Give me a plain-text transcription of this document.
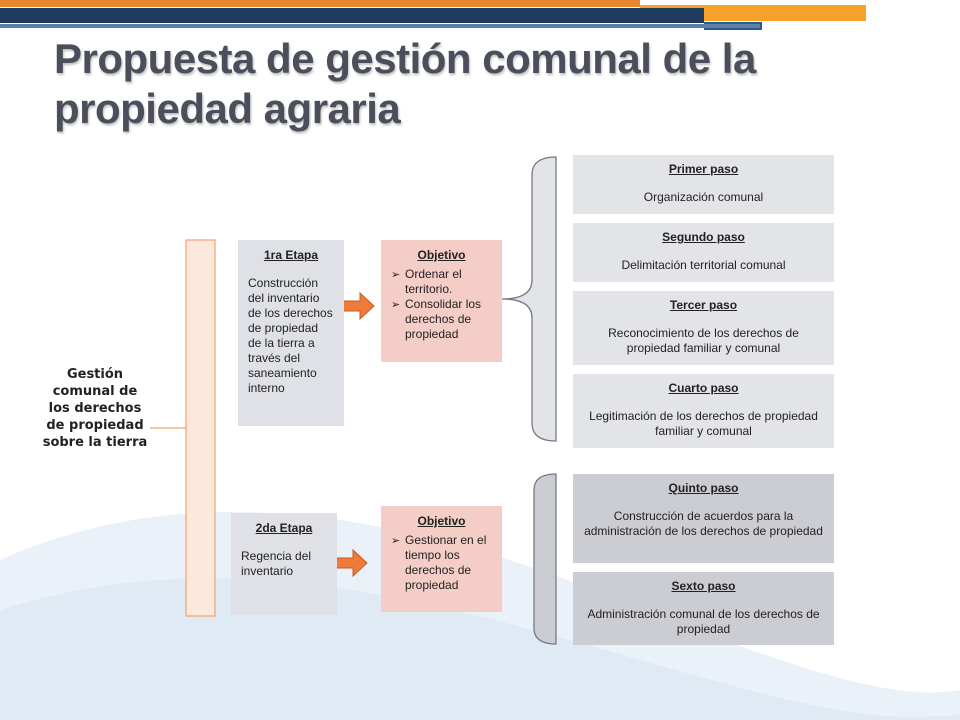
Propuesta de gestión comunal de la propiedad agraria
Gestión comunal de los derechos de propiedad sobre la tierra
1ra Etapa
Construcción del inventario de los derechos de propiedad de la tierra a través del saneamiento interno
2da Etapa
Regencia del inventario
Objetivo
➢ Ordenar el territorio.
➢ Consolidar los derechos de propiedad
Objetivo
➢ Gestionar en el tiempo los derechos de propiedad
Primer paso
Organización comunal
Segundo paso
Delimitación territorial comunal
Tercer paso
Reconocimiento de los derechos de propiedad familiar y comunal
Cuarto paso
Legitimación de los derechos de propiedad familiar y comunal
Quinto paso
Construcción de acuerdos para la administración de los derechos de propiedad
Sexto paso
Administración comunal de los derechos de propiedad
